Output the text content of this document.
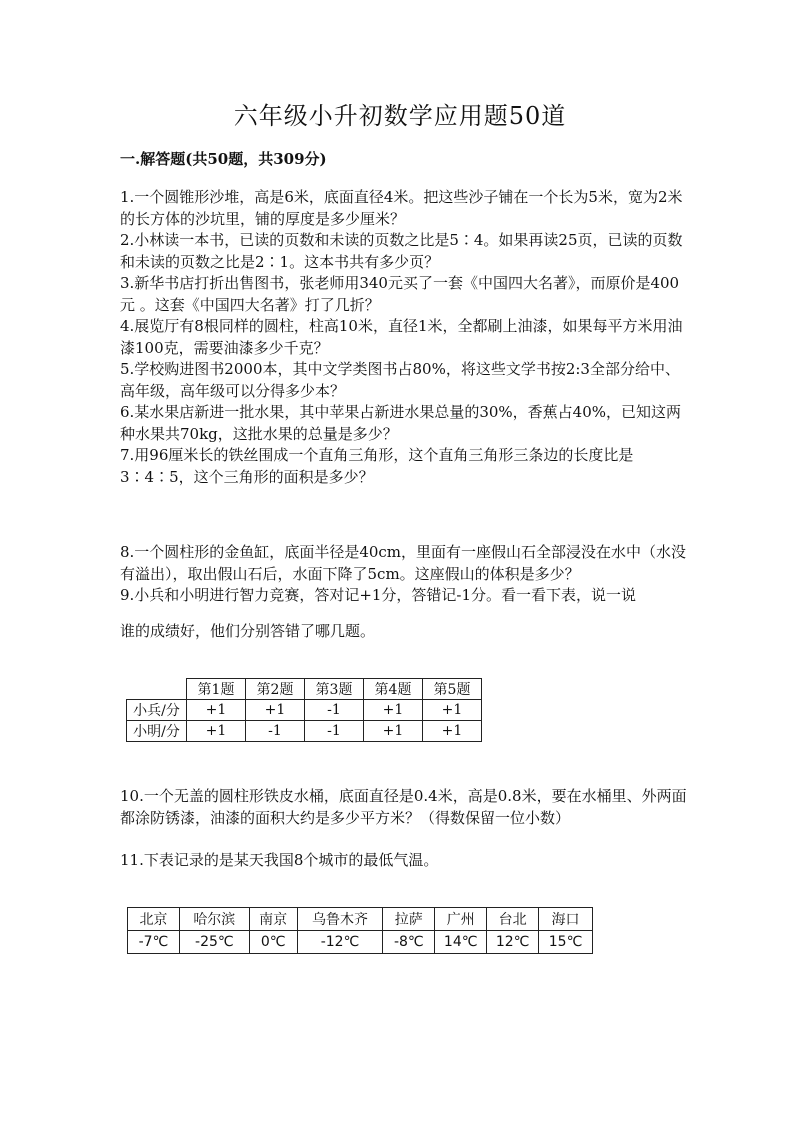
六年级小升初数学应用题50道
一.解答题(共50题，共309分)
1.一个圆锥形沙堆，高是6米，底面直径4米。把这些沙子铺在一个长为5米，宽为2米的长方体的沙坑里，铺的厚度是多少厘米？
2.小林读一本书，已读的页数和未读的页数之比是5∶4。如果再读25页，已读的页数和未读的页数之比是2∶1。这本书共有多少页？
3.新华书店打折出售图书，张老师用340元买了一套《中国四大名著》，而原价是400元 。这套《中国四大名著》打了几折？
4.展览厅有8根同样的圆柱，柱高10米，直径1米，全都刷上油漆，如果每平方米用油漆100克，需要油漆多少千克？
5.学校购进图书2000本，其中文学类图书占80%，将这些文学书按2:3全部分给中、高年级，高年级可以分得多少本？
6.某水果店新进一批水果，其中苹果占新进水果总量的30%，香蕉占40%，已知这两种水果共70kg，这批水果的总量是多少？
7.用96厘米长的铁丝围成一个直角三角形，这个直角三角形三条边的长度比是3∶4∶5，这个三角形的面积是多少？
8.一个圆柱形的金鱼缸，底面半径是40cm，里面有一座假山石全部浸没在水中（水没有溢出），取出假山石后，水面下降了5cm。这座假山的体积是多少？
9.小兵和小明进行智力竞赛，答对记+1分，答错记-1分。看一看下表，说一说
谁的成绩好，他们分别答错了哪几题。
	第1题	第2题	第3题	第4题	第5题
小兵/分	+1	+1	-1	+1	+1
小明/分	+1	-1	-1	+1	+1
10.一个无盖的圆柱形铁皮水桶，底面直径是0.4米，高是0.8米，要在水桶里、外两面都涂防锈漆，油漆的面积大约是多少平方米？（得数保留一位小数）
11.下表记录的是某天我国8个城市的最低气温。
北京	哈尔滨	南京	乌鲁木齐	拉萨	广州	台北	海口
-7℃	-25℃	0℃	-12℃	-8℃	14℃	12℃	15℃
